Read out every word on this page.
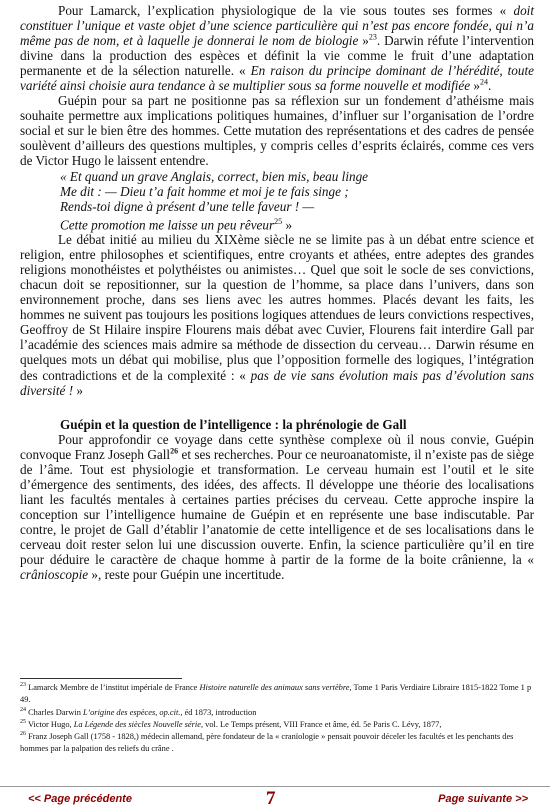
Pour Lamarck, l’explication physiologique de la vie sous toutes ses formes « doit constituer l’unique et vaste objet d’une science particulière qui n’est pas encore fondée, qui n’a même pas de nom, et à laquelle je donnerai le nom de biologie »$^{23}$. Darwin réfute l’intervention divine dans la production des espèces et définit la vie comme le fruit d’une adaptation permanente et de la sélection naturelle. « En raison du principe dominant de l’hérédité, toute variété ainsi choisie aura tendance à se multiplier sous sa forme nouvelle et modifiée »$^{24}$.

Guépin pour sa part ne positionne pas sa réflexion sur un fondement d’athéisme mais souhaite permettre aux implications politiques humaines, d’influer sur l’organisation de l’ordre social et sur le bien être des hommes. Cette mutation des représentations et des cadres de pensée soulèvent d’ailleurs des questions multiples, y compris celles d’esprits éclairés, comme ces vers de Victor Hugo le laissent entendre.

« Et quand un grave Anglais, correct, bien mis, beau linge
Me dit : — Dieu t’a fait homme et moi je te fais singe ;
Rends-toi digne à présent d’une telle faveur ! —
Cette promotion me laisse un peu rêveur$^{25}$ »

Le débat initié au milieu du XIXème siècle ne se limite pas à un débat entre science et religion, entre philosophes et scientifiques, entre croyants et athées, entre adeptes des grandes religions monothéistes et polythéistes ou animistes… Quel que soit le socle de ses convictions, chacun doit se repositionner, sur la question de l’homme, sa place dans l’univers, dans son environnement proche, dans ses liens avec les autres hommes. Placés devant les faits, les hommes ne suivent pas toujours les positions logiques attendues de leurs convictions respectives, Geoffroy de St Hilaire inspire Flourens mais débat avec Cuvier, Flourens fait interdire Gall par l’académie des sciences mais admire sa méthode de dissection du cerveau… Darwin résume en quelques mots un débat qui mobilise, plus que l’opposition formelle des logiques, l’intégration des contradictions et de la complexité : « pas de vie sans évolution mais pas d’évolution sans diversité ! »

Guépin et la question de l’intelligence : la phrénologie de Gall

Pour approfondir ce voyage dans cette synthèse complexe où il nous convie, Guépin convoque Franz Joseph Gall$^{26}$ et ses recherches. Pour ce neuroanatomiste, il n’existe pas de siège de l’âme. Tout est physiologie et transformation. Le cerveau humain est l’outil et le site d’émergence des sentiments, des idées, des affects. Il développe une théorie des localisations liant les facultés mentales à certaines parties précises du cerveau. Cette approche inspire la conception sur l’intelligence humaine de Guépin et en représente une base indiscutable. Par contre, le projet de Gall d’établir l’anatomie de cette intelligence et de ses localisations dans le cerveau doit rester selon lui une discussion ouverte. Enfin, la science particulière qu’il en tire pour déduire le caractère de chaque homme à partir de la forme de la boite crânienne, la « crânioscopie », reste pour Guépin une incertitude.

$^{23}$ Lamarck Membre de l’institut impériale de France Histoire naturelle des animaux sans vertèbre, Tome 1 Paris Verdiaire Libraire 1815-1822 Tome 1 p 49.

$^{24}$ Charles Darwin L’origine des espèces, op.cit., éd 1873, introduction

$^{25}$ Victor Hugo, La Légende des siècles Nouvelle série, vol. Le Temps présent, VIII France et âme, éd. 5e Paris C. Lévy, 1877,

$^{26}$ Franz Joseph Gall (1758 - 1828,) médecin allemand, père fondateur de la « cranïologie » pensait pouvoir déceler les facultés et les penchants des hommes par la palpation des reliefs du crâne .

<< Page précédente	7	Page suivante >>
